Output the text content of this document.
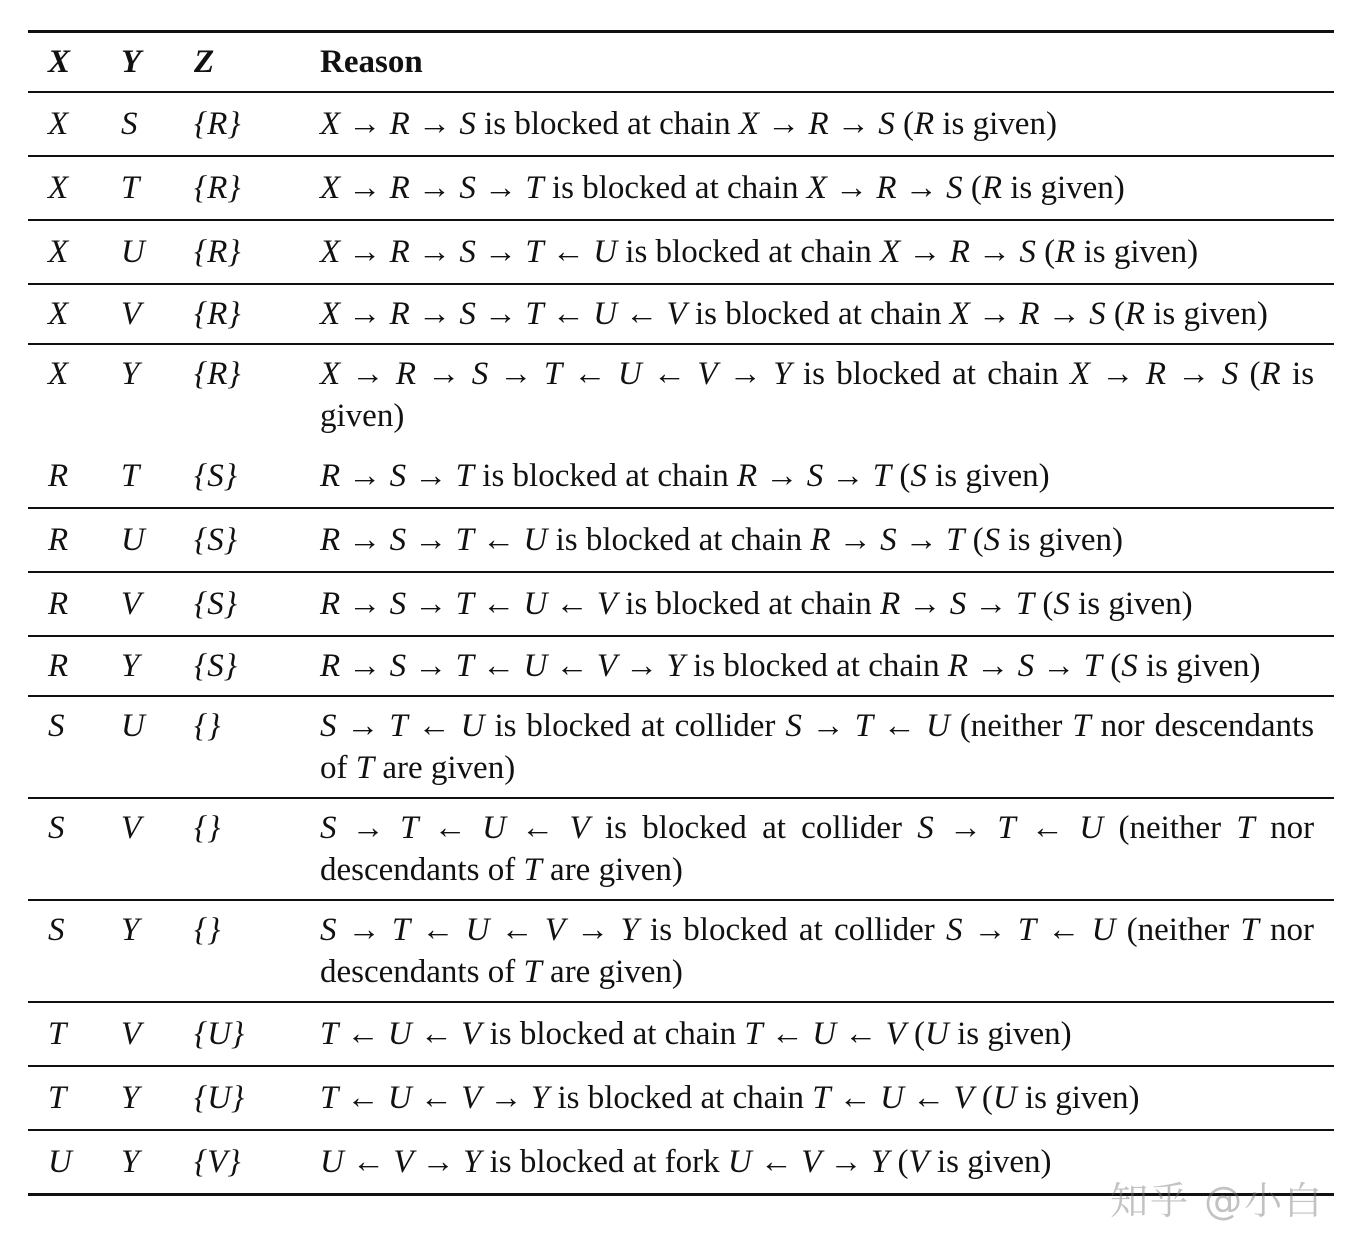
X	Y	Z	Reason
X	S	{R}	X → R → S is blocked at chain X → R → S (R is given)
X	T	{R}	X → R → S → T is blocked at chain X → R → S (R is given)
X	U	{R}	X → R → S → T ← U is blocked at chain X → R → S (R is given)
X	V	{R}	X → R → S → T ← U ← V is blocked at chain X → R → S (R is given)
X	Y	{R}	X → R → S → T ← U ← V → Y is blocked at chain X → R → S (R is given)
R	T	{S}	R → S → T is blocked at chain R → S → T (S is given)
R	U	{S}	R → S → T ← U is blocked at chain R → S → T (S is given)
R	V	{S}	R → S → T ← U ← V is blocked at chain R → S → T (S is given)
R	Y	{S}	R → S → T ← U ← V → Y is blocked at chain R → S → T (S is given)
S	U	{}	S → T ← U is blocked at collider S → T ← U (neither T nor descendants of T are given)
S	V	{}	S → T ← U ← V is blocked at collider S → T ← U (neither T nor descendants of T are given)
S	Y	{}	S → T ← U ← V → Y is blocked at collider S → T ← U (neither T nor descendants of T are given)
T	V	{U}	T ← U ← V is blocked at chain T ← U ← V (U is given)
T	Y	{U}	T ← U ← V → Y is blocked at chain T ← U ← V (U is given)
U	Y	{V}	U ← V → Y is blocked at fork U ← V → Y (V is given)
知乎 @小白
